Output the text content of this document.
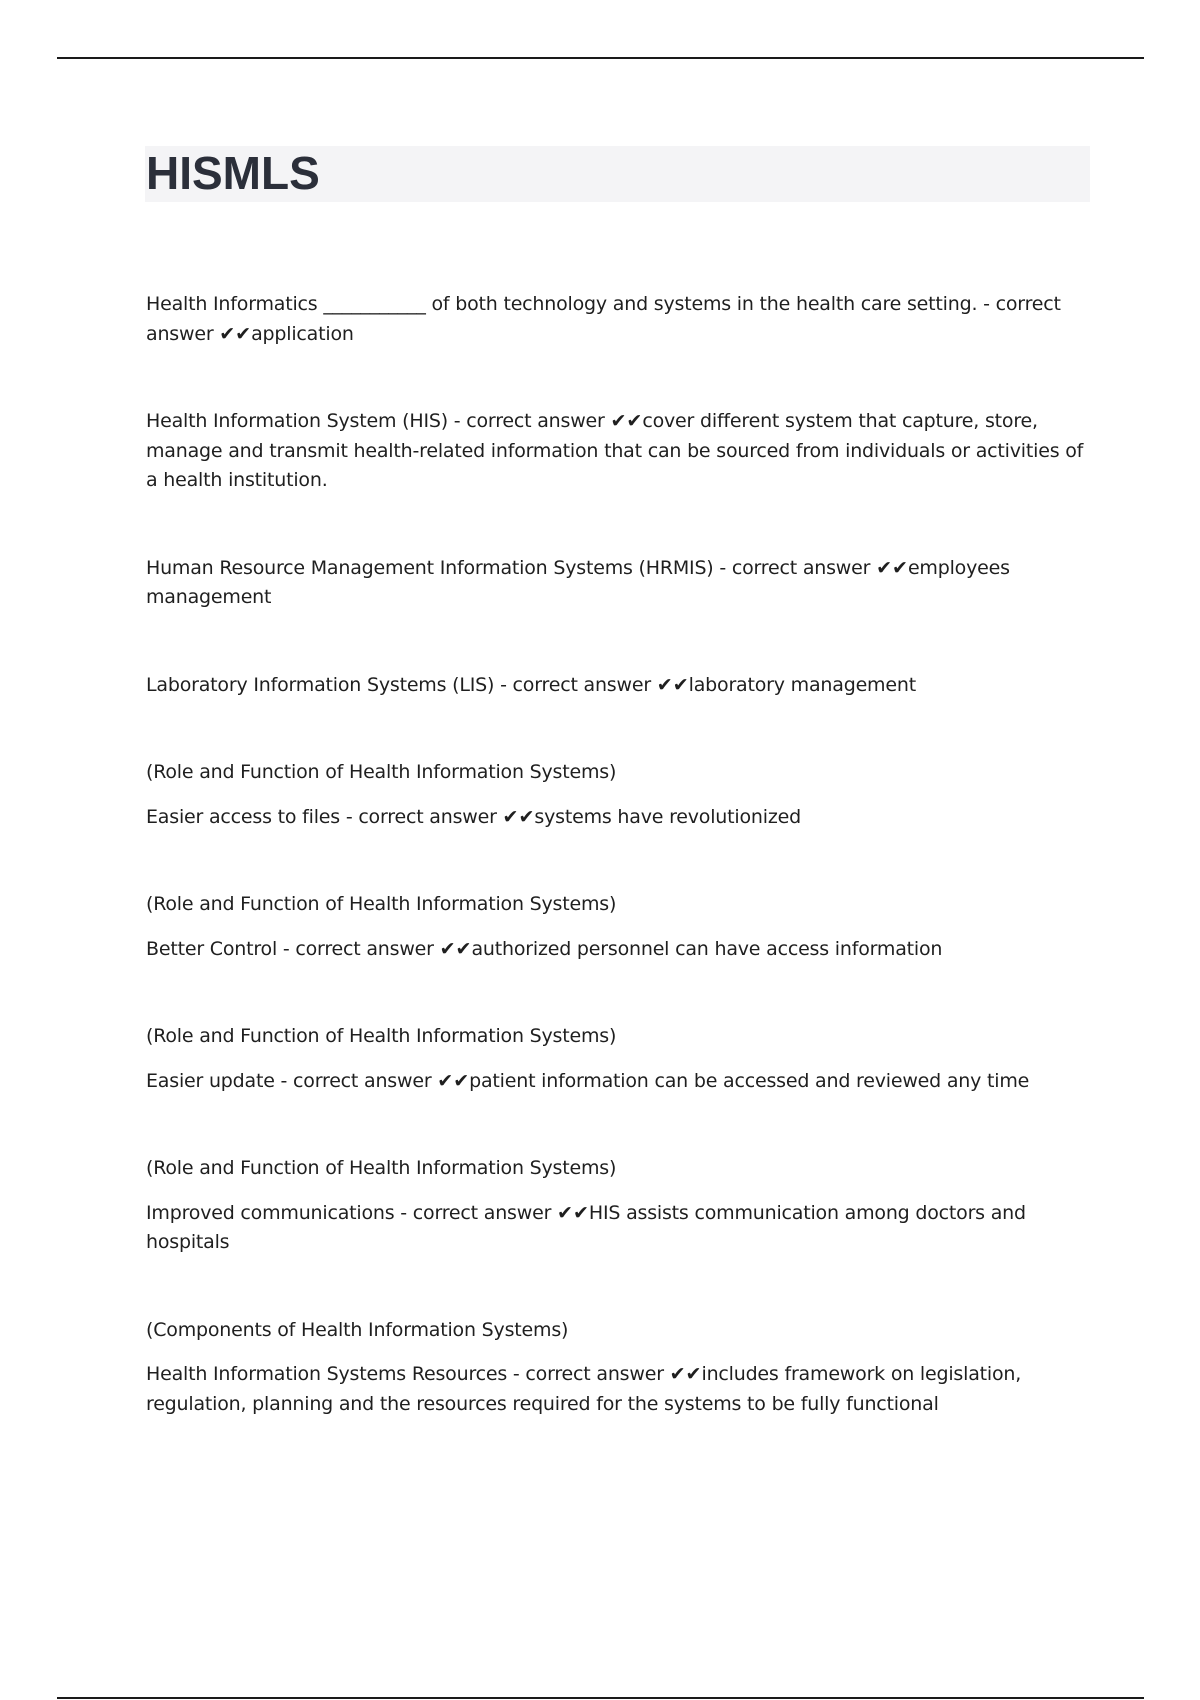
HISMLS

Health Informatics ___________ of both technology and systems in the health care setting. - correct answer ✔✔application

Health Information System (HIS) - correct answer ✔✔cover different system that capture, store, manage and transmit health-related information that can be sourced from individuals or activities of a health institution.

Human Resource Management Information Systems (HRMIS) - correct answer ✔✔employees management

Laboratory Information Systems (LIS) - correct answer ✔✔laboratory management

(Role and Function of Health Information Systems)
Easier access to files - correct answer ✔✔systems have revolutionized

(Role and Function of Health Information Systems)
Better Control - correct answer ✔✔authorized personnel can have access information

(Role and Function of Health Information Systems)
Easier update - correct answer ✔✔patient information can be accessed and reviewed any time

(Role and Function of Health Information Systems)
Improved communications - correct answer ✔✔HIS assists communication among doctors and hospitals

(Components of Health Information Systems)
Health Information Systems Resources - correct answer ✔✔includes framework on legislation, regulation, planning and the resources required for the systems to be fully functional
